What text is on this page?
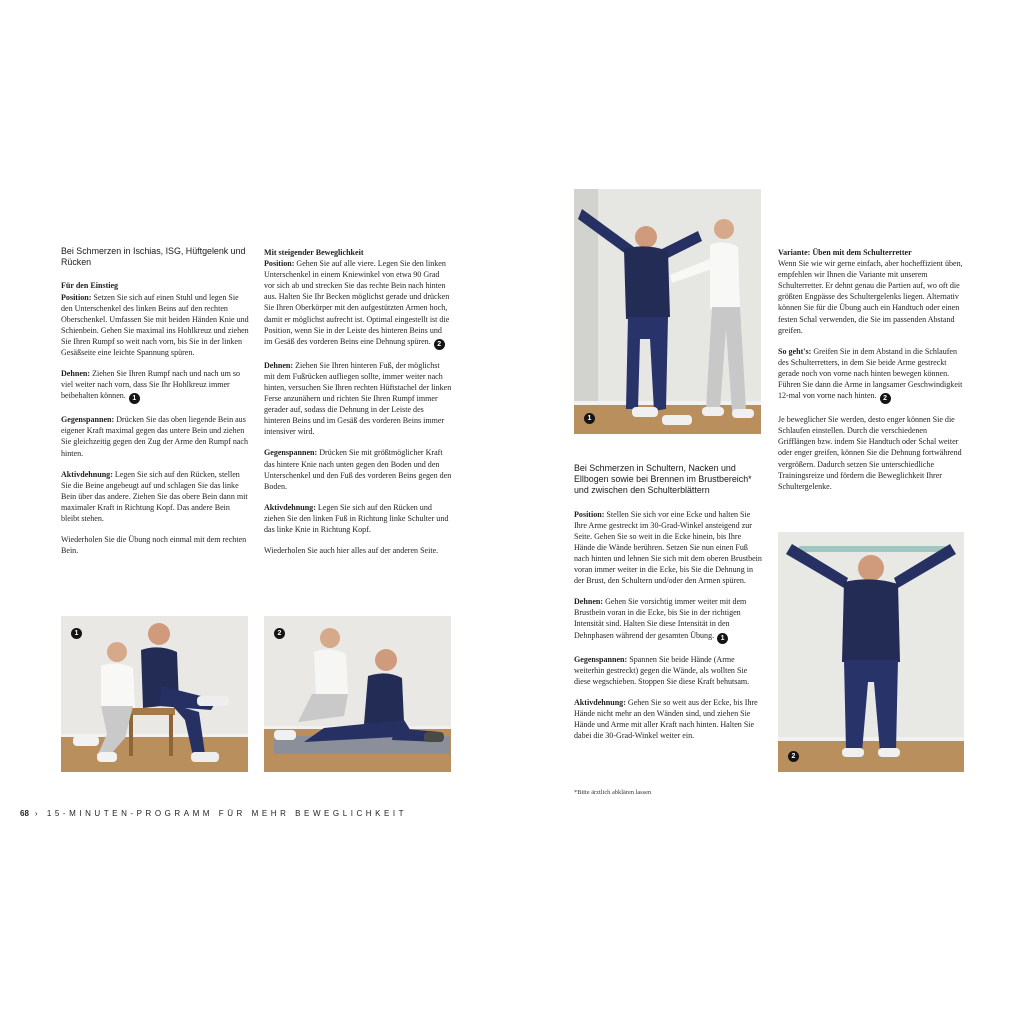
Bei Schmerzen in Ischias, ISG, Hüftgelenk und Rücken

Für den Einstieg

Position: Setzen Sie sich auf einen Stuhl und legen Sie den Unterschenkel des linken Beins auf den rechten Oberschenkel. Umfassen Sie mit beiden Händen Knie und Schienbein. Gehen Sie maximal ins Hohlkreuz und ziehen Sie Ihren Rumpf so weit nach vorn, bis Sie in der linken Gesäßseite eine leichte Spannung spüren.

Dehnen: Ziehen Sie Ihren Rumpf nach und nach um so viel weiter nach vorn, dass Sie Ihr Hohlkreuz immer beibehalten können. 1

Gegenspannen: Drücken Sie das oben liegende Bein aus eigener Kraft maximal gegen das untere Bein und ziehen Sie gleichzeitig gegen den Zug der Arme den Rumpf nach hinten.

Aktivdehnung: Legen Sie sich auf den Rücken, stellen Sie die Beine angebeugt auf und schlagen Sie das linke Bein über das andere. Ziehen Sie das obere Bein dann mit maximaler Kraft in Richtung Kopf. Das andere Bein bleibt stehen.

Wiederholen Sie die Übung noch einmal mit dem rechten Bein.

Mit steigender Beweglichkeit

Position: Gehen Sie auf alle viere. Legen Sie den linken Unterschenkel in einem Kniewinkel von etwa 90 Grad vor sich ab und strecken Sie das rechte Bein nach hinten aus. Halten Sie Ihr Becken möglichst gerade und drücken Sie Ihren Oberkörper mit den aufgestützten Armen hoch, damit er möglichst aufrecht ist. Optimal eingestellt ist die Position, wenn Sie in der Leiste des hinteren Beins und im Gesäß des vorderen Beins eine Dehnung spüren. 2

Dehnen: Ziehen Sie Ihren hinteren Fuß, der möglichst mit dem Fußrücken aufliegen sollte, immer weiter nach hinten, versuchen Sie Ihren rechten Hüftstachel der linken Ferse anzunähern und richten Sie Ihren Rumpf immer gerader auf, sodass die Dehnung in der Leiste des hinteren Beins und im Gesäß des vorderen Beins immer intensiver wird.

Gegenspannen: Drücken Sie mit größtmöglicher Kraft das hintere Knie nach unten gegen den Boden und den Unterschenkel und den Fuß des vorderen Beins gegen den Boden.

Aktivdehnung: Legen Sie sich auf den Rücken und ziehen Sie den linken Fuß in Richtung linke Schulter und das linke Knie in Richtung Kopf.

Wiederholen Sie auch hier alles auf der anderen Seite.

Bei Schmerzen in Schultern, Nacken und Ellbogen sowie bei Brennen im Brustbereich* und zwischen den Schulterblättern

Position: Stellen Sie sich vor eine Ecke und halten Sie Ihre Arme gestreckt im 30-Grad-Winkel ansteigend zur Seite. Gehen Sie so weit in die Ecke hinein, bis Ihre Hände die Wände berühren. Setzen Sie nun einen Fuß nach hinten und lehnen Sie sich mit dem oberen Brustbein voran immer weiter in die Ecke, bis Sie die Dehnung in der Brust, den Schultern und/oder den Armen spüren.

Dehnen: Gehen Sie vorsichtig immer weiter mit dem Brustbein voran in die Ecke, bis Sie in der richtigen Intensität sind. Halten Sie diese Intensität in den Dehnphasen während der gesamten Übung. 1

Gegenspannen: Spannen Sie beide Hände (Arme weiterhin gestreckt) gegen die Wände, als wollten Sie diese wegschieben. Stoppen Sie diese Kraft behutsam.

Aktivdehnung: Gehen Sie so weit aus der Ecke, bis Ihre Hände nicht mehr an den Wänden sind, und ziehen Sie Hände und Arme mit aller Kraft nach hinten. Halten Sie dabei die 30-Grad-Winkel weiter ein.

*Bitte ärztlich abklären lassen

Variante: Üben mit dem Schulterretter

Wenn Sie wie wir gerne einfach, aber hocheffizient üben, empfehlen wir Ihnen die Variante mit unserem Schulterretter. Er dehnt genau die Partien auf, wo oft die größten Engpässe des Schultergelenks liegen. Alternativ können Sie für die Übung auch ein Handtuch oder einen festen Schal verwenden, die Sie im passenden Abstand greifen.

So geht's: Greifen Sie in dem Abstand in die Schlaufen des Schulterretters, in dem Sie beide Arme gestreckt gerade noch von vorne nach hinten bewegen können. Führen Sie dann die Arme in langsamer Geschwindigkeit 12-mal von vorne nach hinten. 2

Je beweglicher Sie werden, desto enger können Sie die Schlaufen einstellen. Durch die verschiedenen Grifflängen bzw. indem Sie Handtuch oder Schal weiter oder enger greifen, können Sie die Dehnung fortwährend vergrößern. Dadurch setzen Sie unterschiedliche Trainingsreize und fördern die Beweglichkeit Ihrer Schultergelenke.

1	2
1
2
68 › 15-MINUTEN-PROGRAMM FÜR MEHR BEWEGLICHKEIT
